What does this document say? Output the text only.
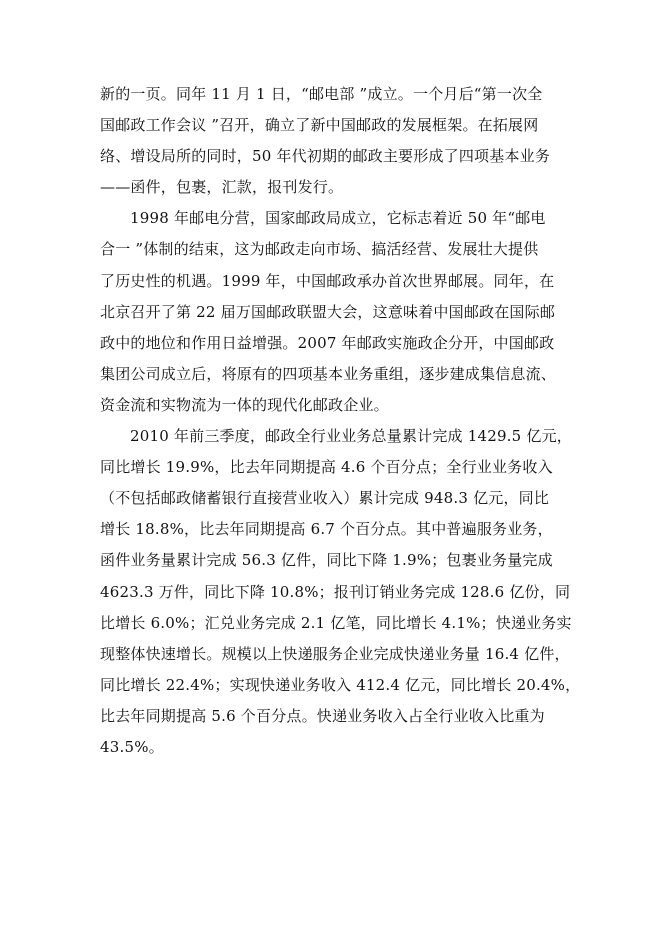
新的一页。同年 11 月 1 日，“邮电部 ”成立。一个月后“第一次全
国邮政工作会议 ”召开，确立了新中国邮政的发展框架。在拓展网
络、增设局所的同时，50 年代初期的邮政主要形成了四项基本业务
——函件，包裹，汇款，报刊发行。
1998 年邮电分营，国家邮政局成立，它标志着近 50 年“邮电
合一 ”体制的结束，这为邮政走向市场、搞活经营、发展壮大提供
了历史性的机遇。1999 年，中国邮政承办首次世界邮展。同年，在
北京召开了第 22 届万国邮政联盟大会，这意味着中国邮政在国际邮
政中的地位和作用日益增强。2007 年邮政实施政企分开，中国邮政
集团公司成立后，将原有的四项基本业务重组，逐步建成集信息流、
资金流和实物流为一体的现代化邮政企业。
2010 年前三季度，邮政全行业业务总量累计完成 1429.5 亿元，
同比增长 19.9%，比去年同期提高 4.6 个百分点；全行业业务收入
（不包括邮政储蓄银行直接营业收入）累计完成 948.3 亿元，同比
增长 18.8%，比去年同期提高 6.7 个百分点。其中普遍服务业务，
函件业务量累计完成 56.3 亿件，同比下降 1.9%；包裹业务量完成
4623.3 万件，同比下降 10.8%；报刊订销业务完成 128.6 亿份，同
比增长 6.0%；汇兑业务完成 2.1 亿笔，同比增长 4.1%；快递业务实
现整体快速增长。规模以上快递服务企业完成快递业务量 16.4 亿件，
同比增长 22.4%；实现快递业务收入 412.4 亿元，同比增长 20.4%，
比去年同期提高 5.6 个百分点。快递业务收入占全行业收入比重为
43.5%。
